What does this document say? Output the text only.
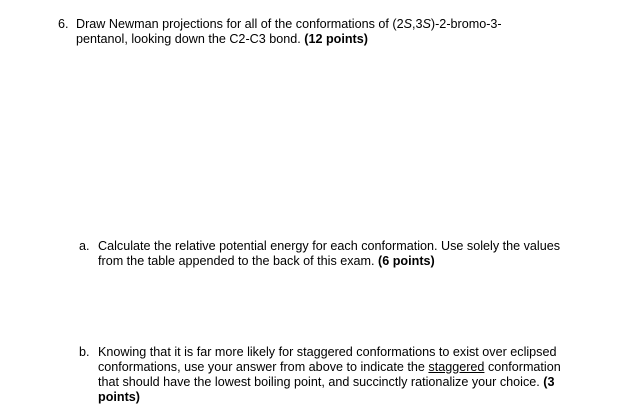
6. Draw Newman projections for all of the conformations of (2S,3S)-2-bromo-3-pentanol, looking down the C2-C3 bond. (12 points)
a. Calculate the relative potential energy for each conformation. Use solely the values from the table appended to the back of this exam. (6 points)
b. Knowing that it is far more likely for staggered conformations to exist over eclipsed conformations, use your answer from above to indicate the staggered conformation that should have the lowest boiling point, and succinctly rationalize your choice. (3 points)
